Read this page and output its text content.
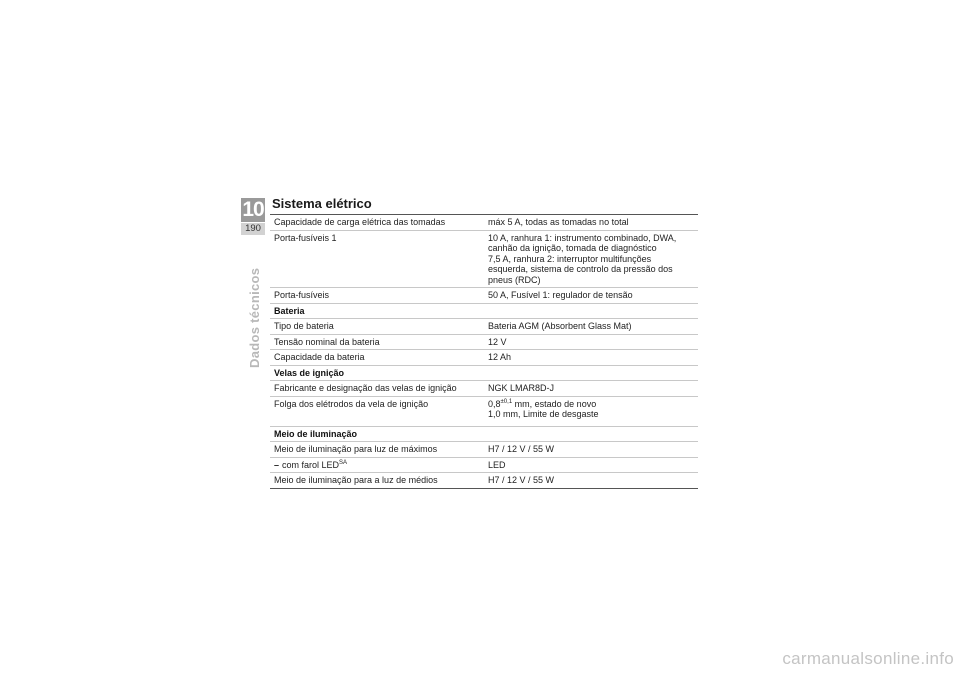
10
190
Dados técnicos
Sistema elétrico
Capacidade de carga elétrica das tomadas	máx 5 A, todas as tomadas no total
Porta-fusíveis 1	10 A, ranhura 1: instrumento combinado, DWA,
canhão da ignição, tomada de diagnóstico
7,5 A, ranhura 2: interruptor multifunções
esquerda, sistema de controlo da pressão dos
pneus (RDC)
Porta-fusíveis	50 A, Fusível 1: regulador de tensão
Bateria
Tipo de bateria	Bateria AGM (Absorbent Glass Mat)
Tensão nominal da bateria	12 V
Capacidade da bateria	12 Ah
Velas de ignição
Fabricante e designação das velas de ignição	NGK LMAR8D-J
Folga dos elétrodos da vela de ignição	$0,8^{\pm 0,1}$ mm, estado de novo
1,0 mm, Limite de desgaste
Meio de iluminação
Meio de iluminação para luz de máximos	H7 / 12 V / 55 W
– com farol $LED^{SA}$	LED
Meio de iluminação para a luz de médios	H7 / 12 V / 55 W
carmanualsonline.info
